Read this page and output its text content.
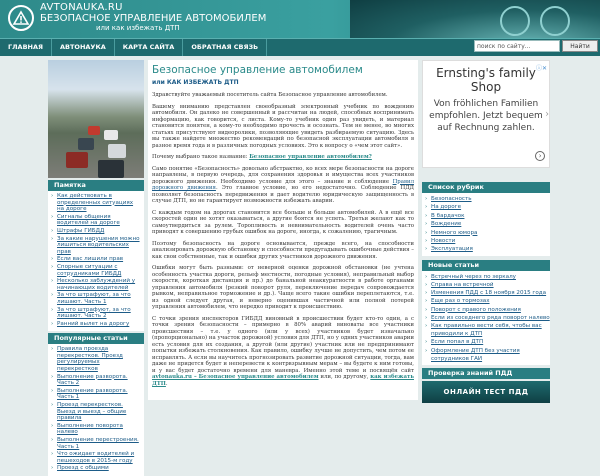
AVTONAUKA.RU
БЕЗОПАСНОЕ УПРАВЛЕНИЕ АВТОМОБИЛЕМ
или как избежать ДТП
ГЛАВНАЯ	АВТОНАУКА	КАРТА САЙТА	ОБРАТНАЯ СВЯЗЬ
поиск по сайту...	Найти
Памятка
› Как действовать в определенных ситуациях на дороге
› Сигналы общения водителей на дороге
› Штрафы ГИБДД
› За какие нарушения можно лишиться водительских прав
› Если вас лишили прав
› Спорные ситуации с сотрудниками ГИБДД
› Несколько заблуждений у начинающих водителей
› За что штрафуют, за что лишают. Часть 1
› За что штрафуют, за что лишают. Часть 2
› Ранний вылет на дорогу
Популярные статьи
› Правила проезда перекрестков. Проезд регулируемых перекрестков
› Выполнение разворота. Часть 2
› Выполнение разворота. Часть 1
› Проезд перекрестков. Выезд и выезд – общие правила
› Выполнение поворота налево
› Выполнение перестроения. Часть 1
› Что ожидает водителей и пешеходов в 2015-м году
› Проезд с общими
Безопасное управление автомобилем
или КАК ИЗБЕЖАТЬ ДТП

Здравствуйте уважаемый посетитель сайта Безопасное управление автомобилем.

Вашему вниманию представлен своеобразный электронный учебник по вождению автомобиля. Он далеко не совершенный и рассчитан на людей, способных воспринимать информацию, как говорится, с листа. Кому-то учебник один раз увидеть, и материал становится понятен, а кому-то необходимо прочесть и осознать. Тем не менее, во многих статьях присутствуют видеоролики, позволяющие увидеть разбираемую ситуацию. Здесь вы также найдете множество рекомендаций по безопасной эксплуатации автомобиля в разное время года и в различных погодных условиях. Это к вопросу о «чем этот сайт».

Почему выбрано такое название: Безопасное управление автомобилем?

Само понятие «Безопасность» довольно абстрактно, ко всех мере безопасности на дороге направлены, в первую очередь, для сохранения здоровья и имущества всех участников дорожного движения. Необходимо условие для этого – знание и соблюдение Правил дорожного движения. Это главное условие, но его недостаточно. Соблюдение ПДД позволяет безопасность передвижения и дает водителю юридическую защищенность в случае ДТП, но не гарантирует возможности избежать аварии.

С каждым годом на дорогах становится все больше и больше автомобилей. А в ещё все скоростей один не хотят оказываться, а другие боятся не успеть. Третьи желают как то самоутвердиться за рулем. Торопливость и невнимательность водителей очень часто приводят к совершению грубых ошибок на дороге, иногда, к сожалению, трагичным.

Поэтому безопасность на дороге основывается, прежде всего, на способности анализировать дорожную обстановку и способности предугадывать ошибочные действия – как свои собственные, так и ошибки других участников дорожного движения.

Ошибки могут быть разными: от неверной оценки дорожной обстановки (не учтена особенность участка дороги, рельеф местности, погодные условия), неправильный выбор скорости, короткая дистанция и пр.) до банальной неаккуратности в работе органами управления автомобиля (резкий поворот руля, переключение передач сопровождается рывком, неправильное торможение и др.). Чаще всего такие ошибки переплетаются, т.е. из одной следует другая, и неверно оценившая частичной или полной потерей управления автомобилем, что нередко приводит к происшествию.

С точки зрения инспекторов ГИБДД виновный в происшествии будет кто-то один, а с точки зрения безопасности – примерно в 80% аварий виноваты все участники происшествия – т.е. у одного (или у всех) участников будет изначально (пропорционально) на участок дорожной) условия для ДТП, но у одних участников аварии есть условия для их создания, а другой (или другие) участник или не предпринимают попытки избежать столкновения. Как правило, ошибку лучше не допустить, чем потом ее исправлять. А если вы научитесь прогнозировать развитие дорожной ситуации, тогда, вам даже не придется будет и неперевести к контрвзрывным мерам – вы будете к ним готовы, и у вас будет достаточно времени для маневра. Именно этой теме и посвящён сайт avtonauka.ru – Безопасное управление автомобилем или, по другому, как избежать ДТП.

ⓘ✕
Ernsting's family Shop
Von fröhlichen Familien empfohlen. Jetzt bequem auf Rechnung zahlen.
›
›
Список рубрик
› Безопасность
› На дороге
› В бардачок
› Вождение
› Немного юмора
› Новости
› Эксплуатация
Новые статьи
› Встречный через по зеркалу
› Справа на встречной
› Изменения ПДД с 18 ноября 2015 года
› Еще раз о тормозах
› Поворот с правого положения
› Если из соседнего ряда поворот налево
› Как правильно вести себя, чтобы вас приводили к ДТП
› Если попал в ДТП
› Оформление ДТП без участия сотрудников ГАИ
Проверка знаний ПДД
ОНЛАЙН ТЕСТ ПДД
